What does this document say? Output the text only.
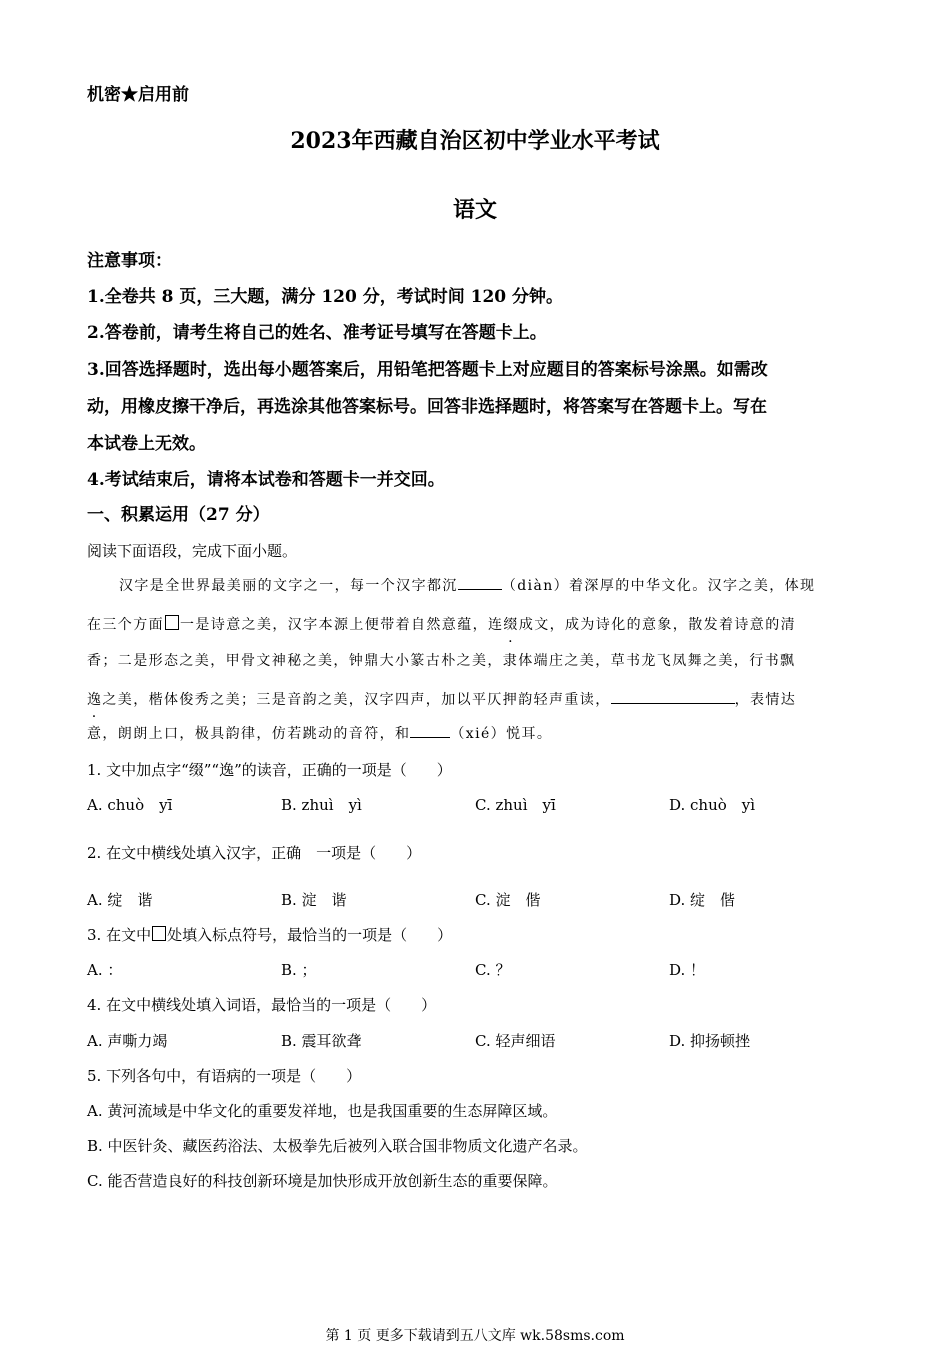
机密★启用前
2023年西藏自治区初中学业水平考试
语文
注意事项：
1.全卷共 8 页，三大题，满分 120 分，考试时间 120 分钟。
2.答卷前，请考生将自己的姓名、准考证号填写在答题卡上。
3.回答选择题时，选出每小题答案后，用铅笔把答题卡上对应题目的答案标号涂黑。如需改
动，用橡皮擦干净后，再选涂其他答案标号。回答非选择题时，将答案写在答题卡上。写在
本试卷上无效。
4.考试结束后，请将本试卷和答题卡一并交回。
一、积累运用（27 分）
阅读下面语段，完成下面小题。
汉字是全世界最美丽的文字之一，每一个汉字都沉	（diàn）着深厚的中华文化。汉字之美，体现
在三个方面 一是诗意之美，汉字本源上便带着自然意蕴，连缀成文，成为诗化的意象，散发着诗意的清
香；二是形态之美，甲骨文神秘之美，钟鼎大小篆古朴之美，隶体端庄之美，草书龙飞凤舞之美，行书飘
逸之美，楷体俊秀之美；三是音韵之美，汉字四声，加以平仄押韵轻声重读，	，表情达
意，朗朗上口，极具韵律，仿若跳动的音符，和	（xié）悦耳。
1. 文中加点字“缀”“逸”的读音，正确的一项是（　　）
A. chuò　yī	B. zhuì　yì	C. zhuì　yī	D. chuò　yì
2. 在文中横线处填入汉字，正确　一项是（　　）
A. 绽　谐	B. 淀　谐	C. 淀　偕	D. 绽　偕
3. 在文中 处填入标点符号，最恰当的一项是（　　）
A. ：	B. ；	C. ？	D. ！
4. 在文中横线处填入词语，最恰当的一项是（　　）
A. 声嘶力竭	B. 震耳欲聋	C. 轻声细语	D. 抑扬顿挫
5. 下列各句中，有语病的一项是（　　）
A. 黄河流域是中华文化的重要发祥地，也是我国重要的生态屏障区域。
B. 中医针灸、藏医药浴法、太极拳先后被列入联合国非物质文化遗产名录。
C. 能否营造良好的科技创新环境是加快形成开放创新生态的重要保障。
第 1 页 更多下载请到五八文库 wk.58sms.com
